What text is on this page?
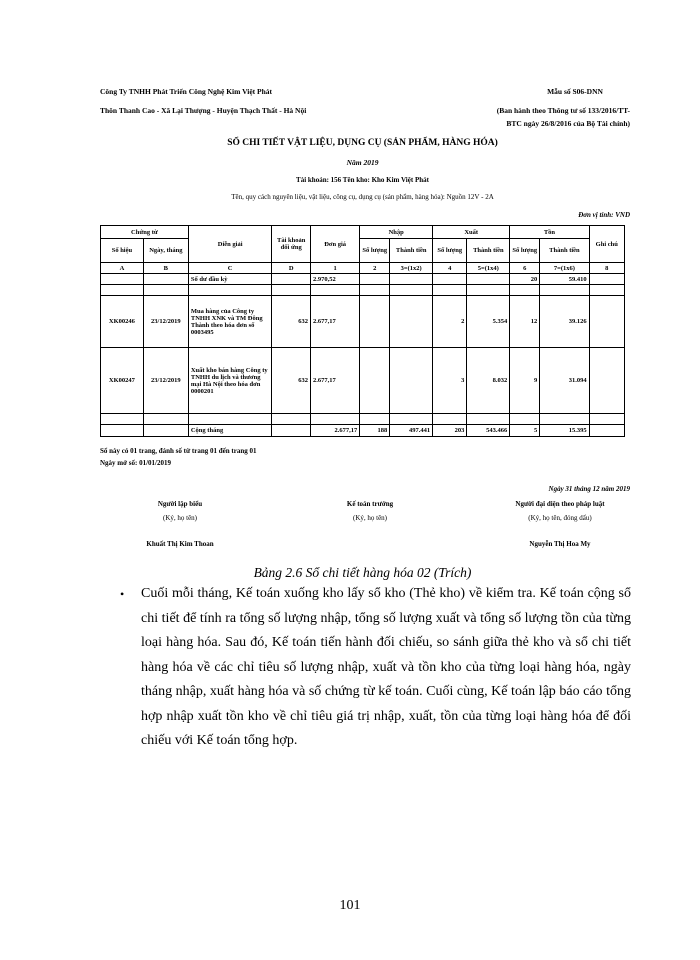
Công Ty TNHH Phát Triển Công Nghệ Kim Việt Phát
Thôn Thanh Cao - Xã Lại Thượng - Huyện Thạch Thất - Hà Nội
Mẫu số S06-DNN
(Ban hành theo Thông tư số 133/2016/TT-
BTC ngày 26/8/2016 của Bộ Tài chính)
SỔ CHI TIẾT VẬT LIỆU, DỤNG CỤ (SẢN PHẨM, HÀNG HÓA)
Năm 2019
Tài khoản: 156 Tên kho: Kho Kim Việt Phát
Tên, quy cách nguyên liệu, vật liệu, công cụ, dụng cụ (sản phẩm, hàng hóa): Nguồn 12V - 2A
Đơn vị tính: VND
Chứng từ		Diễn giải	Tài khoản đối ứng	Đơn giá	Nhập		Xuất		Tồn		Ghi chú
Số hiệu	Ngày, tháng				Số lượng	Thành tiền	Số lượng	Thành tiền	Số lượng	Thành tiền	
A	B	C	D	1	2	3=(1x2)	4	5=(1x4)	6	7=(1x6)	8
		Số dư đầu kỳ		2.970,52					20	59.410	

XK00246	23/12/2019	Mua hàng của Công ty TNHH XNK và TM Đông Thành theo hóa đơn số 0003495	632	2.677,17			2	5.354	12	39.126	
XK00247	23/12/2019	Xuất kho bán hàng Công ty TNHH du lịch và thương mại Hà Nội theo hóa đơn 0000201	632	2.677,17			3	8.032	9	31.094	

		Cộng tháng		2.677,17	188	497.441	203	543.466	5	15.395	
Sổ này có 01 trang, đánh số từ trang 01 đến trang 01
Ngày mở sổ: 01/01/2019
Ngày 31 tháng 12 năm 2019
Người lập biểu
(Ký, họ tên)
Khuất Thị Kim Thoan
Kế toán trưởng
(Ký, họ tên)
Người đại diện theo pháp luật
(Ký, họ tên, đóng dấu)
Nguyễn Thị Hoa My
Bảng 2.6 Sổ chi tiết hàng hóa 02 (Trích)
• Cuối mỗi tháng, Kế toán xuống kho lấy sổ kho (Thẻ kho) về kiểm tra. Kế toán cộng sổ chi tiết để tính ra tổng số lượng nhập, tổng số lượng xuất và tổng số lượng tồn của từng loại hàng hóa. Sau đó, Kế toán tiến hành đối chiếu, so sánh giữa thẻ kho và sổ chi tiết hàng hóa về các chỉ tiêu số lượng nhập, xuất và tồn kho của từng loại hàng hóa, ngày tháng nhập, xuất hàng hóa và số chứng từ kế toán. Cuối cùng, Kế toán lập báo cáo tổng hợp nhập xuất tồn kho về chỉ tiêu giá trị nhập, xuất, tồn của từng loại hàng hóa để đối chiếu với Kế toán tổng hợp.
101
